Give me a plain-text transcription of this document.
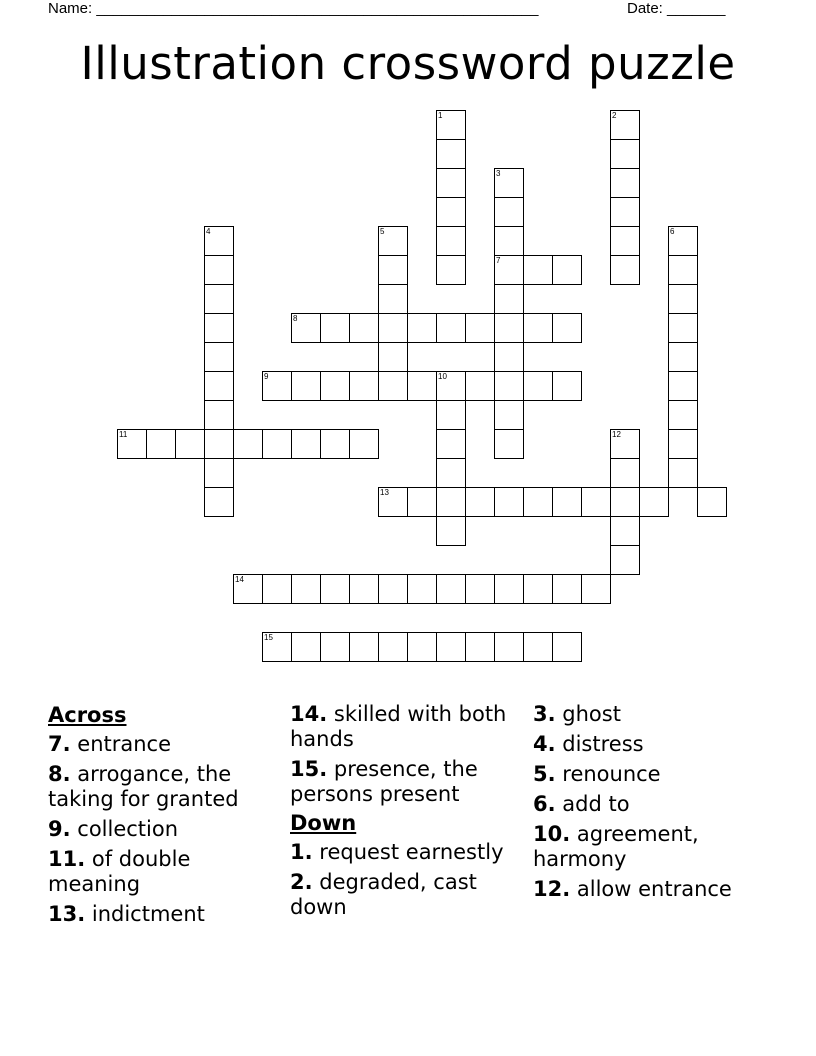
Name: _____________________________________________________	Date: _______
Illustration crossword puzzle
1	2
3
7
4	5	6
8
9	10
11	12
13
14
15
Across
7. entrance
8. arrogance, the taking for granted
9. collection
11. of double meaning
13. indictment
14. skilled with both hands
15. presence, the persons present
Down
1. request earnestly
2. degraded, cast down
3. ghost
4. distress
5. renounce
6. add to
10. agreement, harmony
12. allow entrance
